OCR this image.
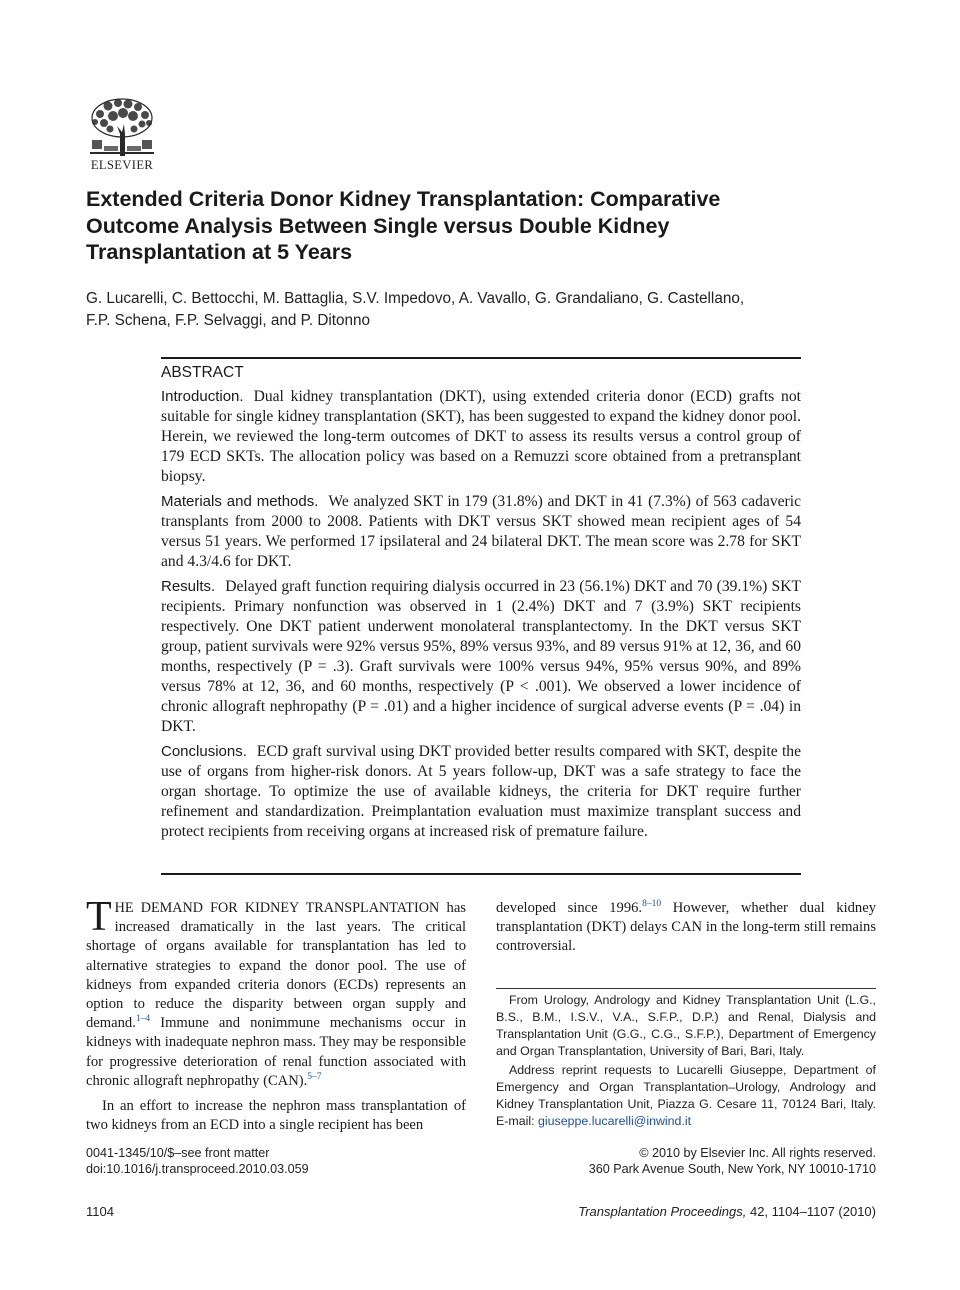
ELSEVIER
Extended Criteria Donor Kidney Transplantation: Comparative Outcome Analysis Between Single versus Double Kidney Transplantation at 5 Years
G. Lucarelli, C. Bettocchi, M. Battaglia, S.V. Impedovo, A. Vavallo, G. Grandaliano, G. Castellano,
F.P. Schena, F.P. Selvaggi, and P. Ditonno
ABSTRACT

Introduction. Dual kidney transplantation (DKT), using extended criteria donor (ECD) grafts not suitable for single kidney transplantation (SKT), has been suggested to expand the kidney donor pool. Herein, we reviewed the long-term outcomes of DKT to assess its results versus a control group of 179 ECD SKTs. The allocation policy was based on a Remuzzi score obtained from a pretransplant biopsy.

Materials and methods. We analyzed SKT in 179 (31.8%) and DKT in 41 (7.3%) of 563 cadaveric transplants from 2000 to 2008. Patients with DKT versus SKT showed mean recipient ages of 54 versus 51 years. We performed 17 ipsilateral and 24 bilateral DKT. The mean score was 2.78 for SKT and 4.3/4.6 for DKT.

Results. Delayed graft function requiring dialysis occurred in 23 (56.1%) DKT and 70 (39.1%) SKT recipients. Primary nonfunction was observed in 1 (2.4%) DKT and 7 (3.9%) SKT recipients respectively. One DKT patient underwent monolateral transplantectomy. In the DKT versus SKT group, patient survivals were 92% versus 95%, 89% versus 93%, and 89 versus 91% at 12, 36, and 60 months, respectively (P = .3). Graft survivals were 100% versus 94%, 95% versus 90%, and 89% versus 78% at 12, 36, and 60 months, respectively (P < .001). We observed a lower incidence of chronic allograft nephropathy (P = .01) and a higher incidence of surgical adverse events (P = .04) in DKT.

Conclusions. ECD graft survival using DKT provided better results compared with SKT, despite the use of organs from higher-risk donors. At 5 years follow-up, DKT was a safe strategy to face the organ shortage. To optimize the use of available kidneys, the criteria for DKT require further refinement and standardization. Preimplantation evaluation must maximize transplant success and protect recipients from receiving organs at increased risk of premature failure.

THE DEMAND FOR KIDNEY TRANSPLANTATION has increased dramatically in the last years. The critical shortage of organs available for transplantation has led to alternative strategies to expand the donor pool. The use of kidneys from expanded criteria donors (ECDs) represents an option to reduce the disparity between organ supply and demand.$^{1-4}$ Immune and nonimmune mechanisms occur in kidneys with inadequate nephron mass. They may be responsible for progressive deterioration of renal function associated with chronic allograft nephropathy (CAN).$^{5-7}$

In an effort to increase the nephron mass transplantation of two kidneys from an ECD into a single recipient has been

developed since 1996.$^{8-10}$ However, whether dual kidney transplantation (DKT) delays CAN in the long-term still remains controversial.

From Urology, Andrology and Kidney Transplantation Unit (L.G., B.S., B.M., I.S.V., V.A., S.F.P., D.P.) and Renal, Dialysis and Transplantation Unit (G.G., C.G., S.F.P.), Department of Emergency and Organ Transplantation, University of Bari, Bari, Italy.

Address reprint requests to Lucarelli Giuseppe, Department of Emergency and Organ Transplantation–Urology, Andrology and Kidney Transplantation Unit, Piazza G. Cesare 11, 70124 Bari, Italy. E-mail: giuseppe.lucarelli@inwind.it

0041-1345/10/$–see front matter
doi:10.1016/j.transproceed.2010.03.059
© 2010 by Elsevier Inc. All rights reserved.
360 Park Avenue South, New York, NY 10010-1710
1104	Transplantation Proceedings, 42, 1104–1107 (2010)
